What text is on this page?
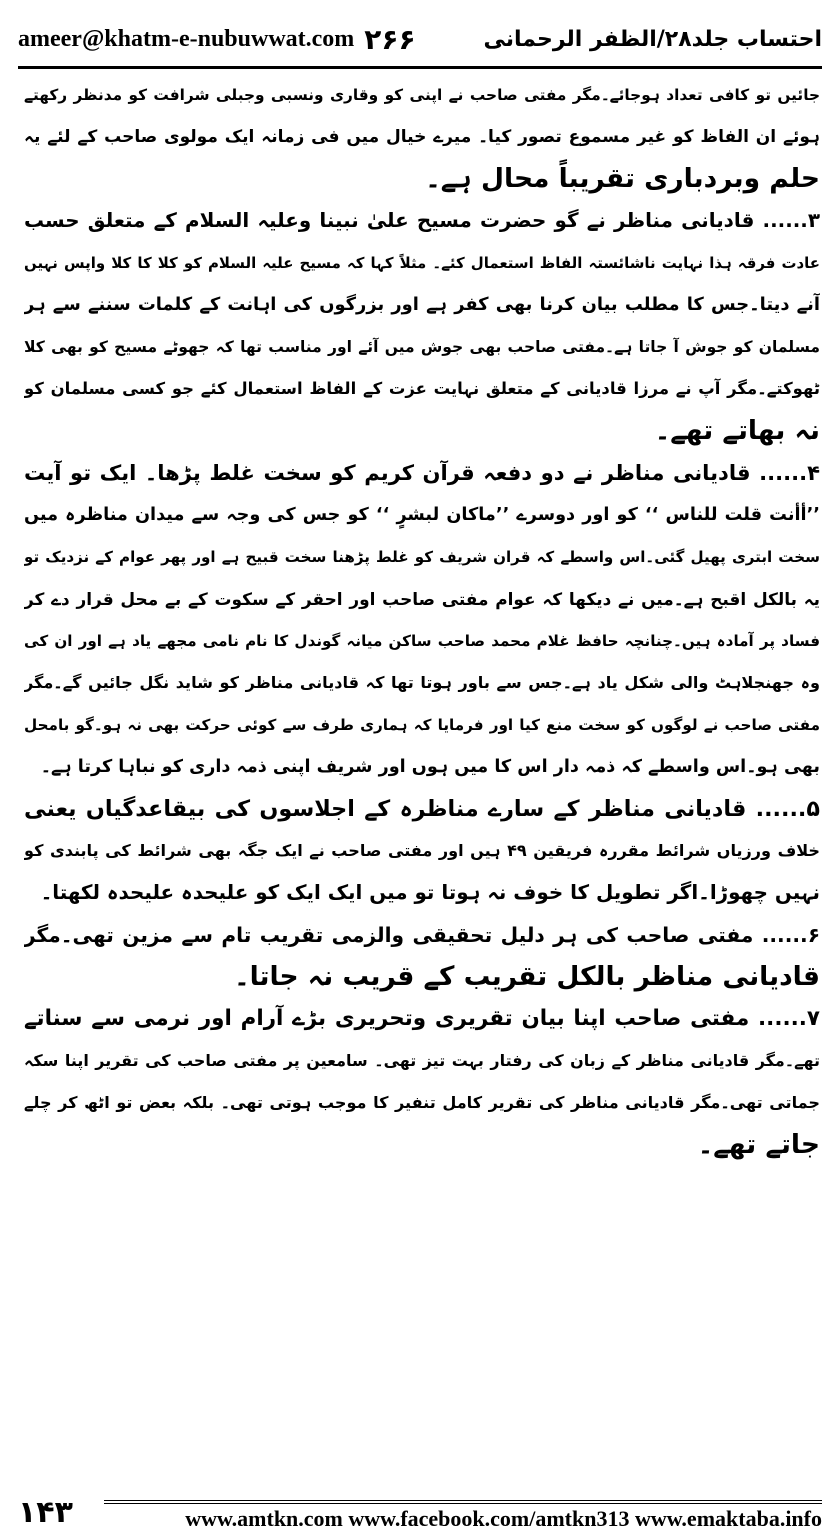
ameer@khatm-e-nubuwwat.com ۲۶۶	احتساب جلد۲۸/الظفر الرحمانی
جائیں تو کافی تعداد ہوجائے۔مگر مفتی صاحب نے اپنی کو وقاری ونسبی وجبلی شرافت کو مدنظر رکھتے
ہوئے ان الفاظ کو غیر مسموع تصور کیا۔ میرے خیال میں فی زمانہ ایک مولوی صاحب کے لئے یہ
حلم وبردباری تقریباً محال ہے۔
۳...... قادیانی مناظر نے گو حضرت مسیح علیٰ نبینا وعلیہ السلام کے متعلق حسب
عادت فرقہ ہذا نہایت ناشائستہ الفاظ استعمال کئے۔ مثلاً کہا کہ مسیح علیہ السلام کو کلا کا کلا واپس نہیں
آنے دیتا۔جس کا مطلب بیان کرنا بھی کفر ہے اور بزرگوں کی اہانت کے کلمات سننے سے ہر
مسلمان کو جوش آ جاتا ہے۔مفتی صاحب بھی جوش میں آئے اور مناسب تھا کہ جھوٹے مسیح کو بھی کلا
ٹھوکتے۔مگر آپ نے مرزا قادیانی کے متعلق نہایت عزت کے الفاظ استعمال کئے جو کسی مسلمان کو
نہ بھاتے تھے۔
۴...... قادیانی مناظر نے دو دفعہ قرآن کریم کو سخت غلط پڑھا۔ ایک تو آیت
’’أأنت قلت للناس ‘‘ کو اور دوسرے ’’ماکان لبشرٍ ‘‘ کو جس کی وجہ سے میدان مناظرہ میں
سخت ابتری پھیل گئی۔اس واسطے کہ قران شریف کو غلط پڑھنا سخت قبیح ہے اور پھر عوام کے نزدیک تو
یہ بالکل اقبح ہے۔میں نے دیکھا کہ عوام مفتی صاحب اور احقر کے سکوت کے بے محل قرار دے کر
فساد پر آمادہ ہیں۔چنانچہ حافظ غلام محمد صاحب ساکن میانہ گوندل کا نام نامی مجھے یاد ہے اور ان کی
وہ جھنجلاہٹ والی شکل یاد ہے۔جس سے باور ہوتا تھا کہ قادیانی مناظر کو شاید نگل جائیں گے۔مگر
مفتی صاحب نے لوگوں کو سخت منع کیا اور فرمایا کہ ہماری طرف سے کوئی حرکت بھی نہ ہو۔گو بامحل
بھی ہو۔اس واسطے کہ ذمہ دار اس کا میں ہوں اور شریف اپنی ذمہ داری کو نباہا کرتا ہے۔
۵...... قادیانی مناظر کے سارے مناظرہ کے اجلاسوں کی بیقاعدگیاں یعنی
خلاف ورزیاں شرائط مقررہ فریقین ۴۹ ہیں اور مفتی صاحب نے ایک جگہ بھی شرائط کی پابندی کو
نہیں چھوڑا۔اگر تطویل کا خوف نہ ہوتا تو میں ایک ایک کو علیحدہ علیحدہ لکھتا۔
۶...... مفتی صاحب کی ہر دلیل تحقیقی والزمی تقریب تام سے مزین تھی۔مگر
قادیانی مناظر بالکل تقریب کے قریب نہ جاتا۔
۷...... مفتی صاحب اپنا بیان تقریری وتحریری بڑے آرام اور نرمی سے سناتے
تھے۔مگر قادیانی مناظر کے زبان کی رفتار بہت تیز تھی۔ سامعین پر مفتی صاحب کی تقریر اپنا سکہ
جماتی تھی۔مگر قادیانی مناظر کی تقریر کامل تنفیر کا موجب ہوتی تھی۔ بلکہ بعض تو اٹھ کر چلے
جاتے تھے۔
۱۴۳	www.amtkn.com www.facebook.com/amtkn313 www.emaktaba.info
